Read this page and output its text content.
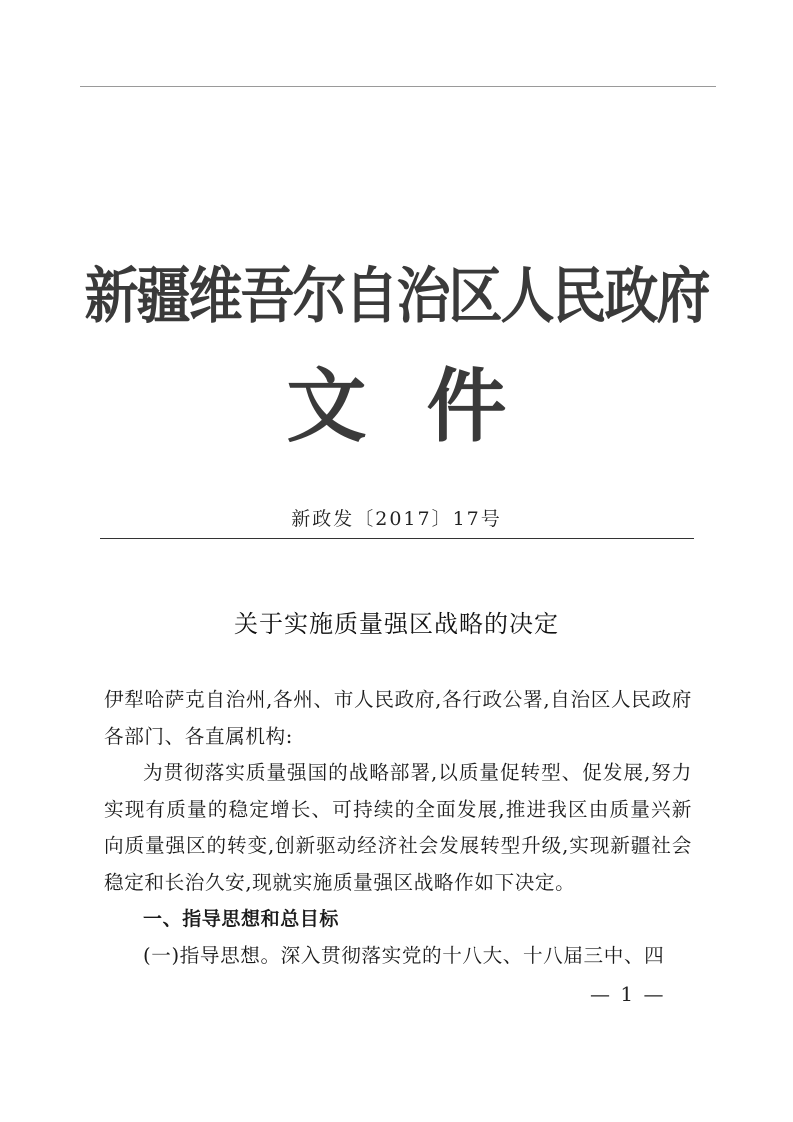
新疆维吾尔自治区人民政府
文件
新政发〔2017〕17号
关于实施质量强区战略的决定

伊犁哈萨克自治州,各州、市人民政府,各行政公署,自治区人民政府各部门、各直属机构:

为贯彻落实质量强国的战略部署,以质量促转型、促发展,努力实现有质量的稳定增长、可持续的全面发展,推进我区由质量兴新向质量强区的转变,创新驱动经济社会发展转型升级,实现新疆社会稳定和长治久安,现就实施质量强区战略作如下决定。

一、指导思想和总目标

(一)指导思想。深入贯彻落实党的十八大、十八届三中、四

— 1 —
